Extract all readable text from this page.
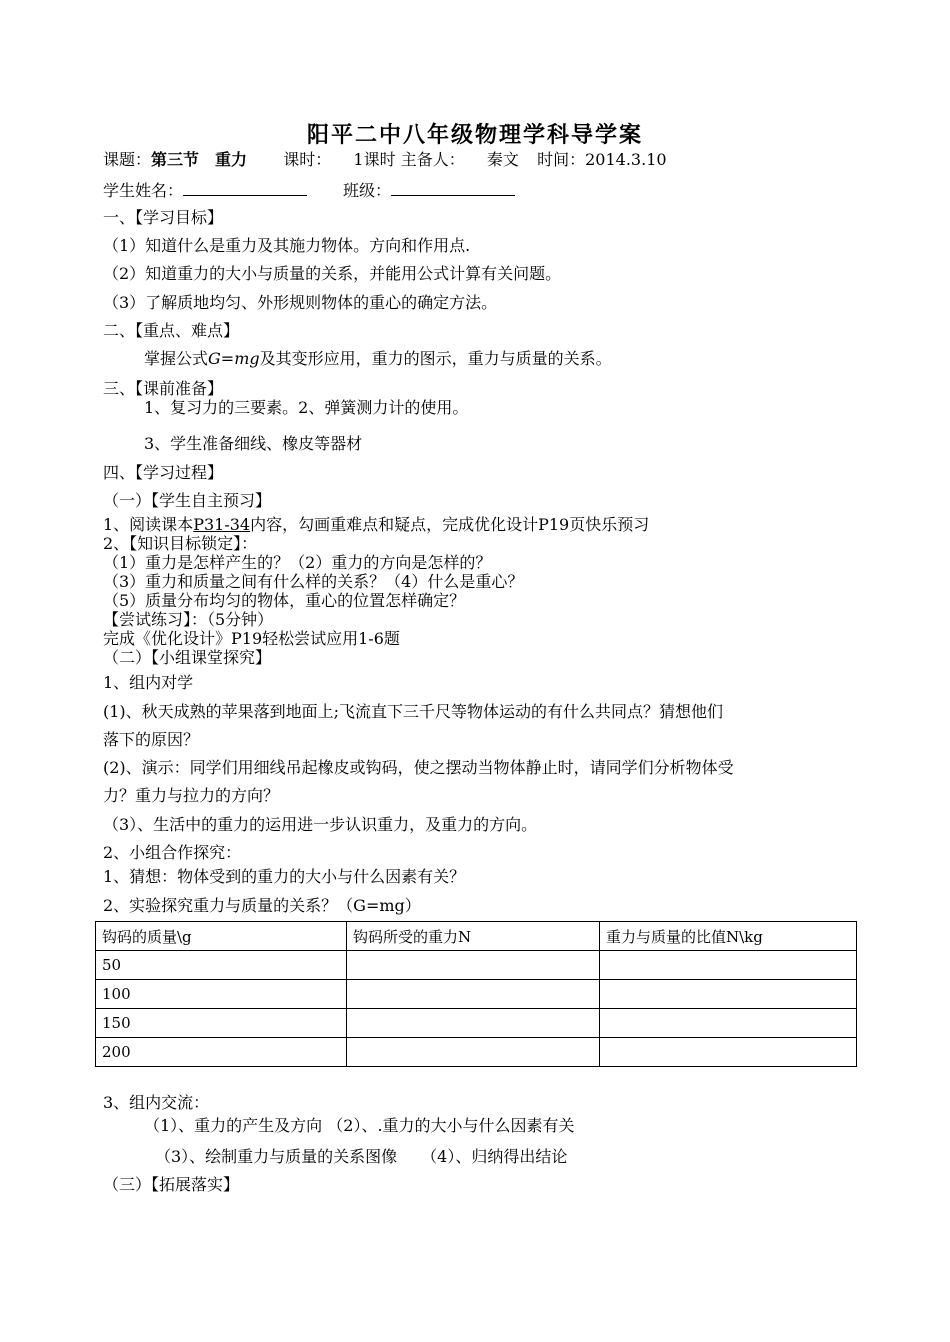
阳平二中八年级物理学科导学案
课题：第三节　重力 课时： 1课时 主备人： 秦文 时间：2014.3.10
学生姓名：	班级：
一、【学习目标】
（1）知道什么是重力及其施力物体。方向和作用点.
（2）知道重力的大小与质量的关系，并能用公式计算有关问题。
（3）了解质地均匀、外形规则物体的重心的确定方法。
二、【重点、难点】
掌握公式G=mg及其变形应用，重力的图示，重力与质量的关系。
三、【课前准备】
1、复习力的三要素。2、弹簧测力计的使用。
3、学生准备细线、橡皮等器材
四、【学习过程】
（一）【学生自主预习】
1、阅读课本P31-34内容，勾画重难点和疑点，完成优化设计P19页快乐预习
2、【知识目标锁定】：
（1）重力是怎样产生的？（2）重力的方向是怎样的？
（3）重力和质量之间有什么样的关系？（4）什么是重心？
（5）质量分布均匀的物体，重心的位置怎样确定？
【尝试练习】：（5分钟）
完成《优化设计》P19轻松尝试应用1-6题
（二）【小组课堂探究】
1、组内对学
(1)、秋天成熟的苹果落到地面上;飞流直下三千尺等物体运动的有什么共同点？猜想他们
落下的原因？
(2)、演示：同学们用细线吊起橡皮或钩码，使之摆动当物体静止时，请同学们分析物体受
力？重力与拉力的方向？
（3）、生活中的重力的运用进一步认识重力，及重力的方向。
2、小组合作探究：
1、猜想：物体受到的重力的大小与什么因素有关？
2、实验探究重力与质量的关系？（G=mg）
钩码的质量\g	钩码所受的重力N	重力与质量的比值N\kg
50		
100		
150		
200		
3、组内交流：
（1）、重力的产生及方向 （2）、.重力的大小与什么因素有关
（3）、绘制重力与质量的关系图像　　（4）、归纳得出结论
（三）【拓展落实】
